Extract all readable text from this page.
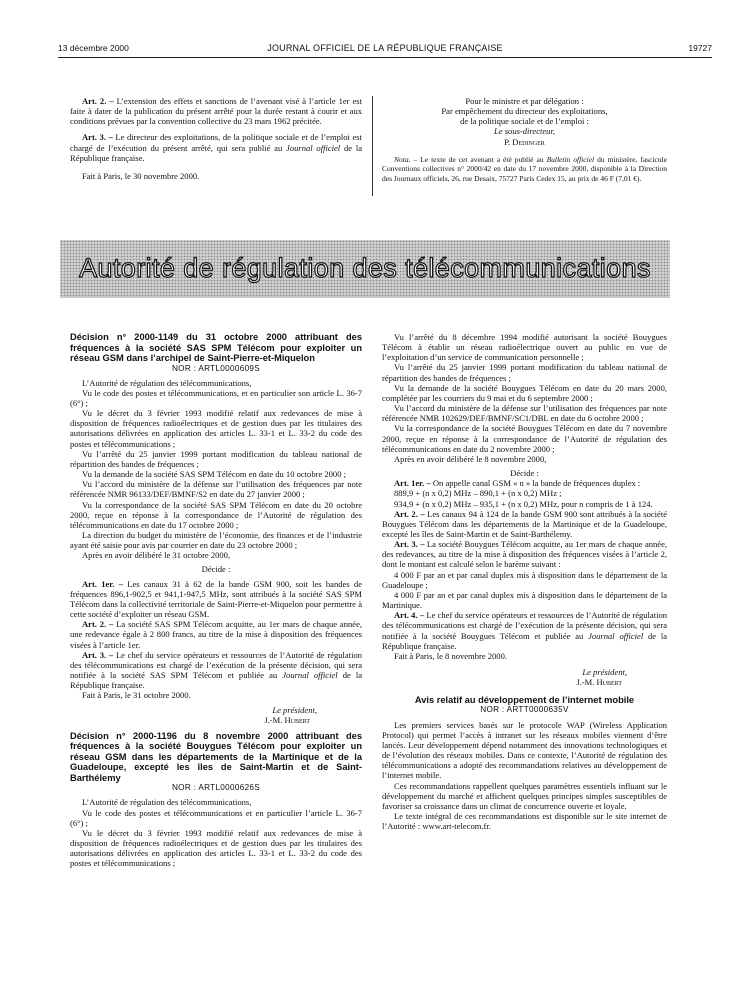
13 décembre 2000	JOURNAL OFFICIEL DE LA RÉPUBLIQUE FRANÇAISE	19727

Art. 2. – L’extension des effets et sanctions de l’avenant visé à l’article 1er est faite à dater de la publication du présent arrêté pour la durée restant à courir et aux conditions prévues par la convention collective du 23 mars 1962 précitée.

Art. 3. – Le directeur des exploitations, de la politique sociale et de l’emploi est chargé de l’exécution du présent arrêté, qui sera publié au Journal officiel de la République française.

Fait à Paris, le 30 novembre 2000.

Pour le ministre et par délégation :

Par empêchement du directeur des exploitations,

de la politique sociale et de l’emploi :

Le sous-directeur,

P. Dedinger

Nota. – Le texte de cet avenant a été publié au Bulletin officiel du ministère, fascicule Conventions collectives n° 2000/42 en date du 17 novembre 2000, disponible à la Direction des Journaux officiels, 26, rue Desaix, 75727 Paris Cedex 15, au prix de 46 F (7,01 €).

Autorité de régulation des télécommunications

Décision n° 2000-1149 du 31 octobre 2000 attribuant des fréquences à la société SAS SPM Télécom pour exploiter un réseau GSM dans l’archipel de Saint-Pierre-et-Miquelon

NOR : ARTL0000609S

L’Autorité de régulation des télécommunications,

Vu le code des postes et télécommunications, et en particulier son article L. 36-7 (6°) ;

Vu le décret du 3 février 1993 modifié relatif aux redevances de mise à disposition de fréquences radioélectriques et de gestion dues par les titulaires des autorisations délivrées en application des articles L. 33-1 et L. 33-2 du code des postes et télécommunications ;

Vu l’arrêté du 25 janvier 1999 portant modification du tableau national de répartition des bandes de fréquences ;

Vu la demande de la société SAS SPM Télécom en date du 10 octobre 2000 ;

Vu l’accord du ministère de la défense sur l’utilisation des fréquences par note référencée NMR 96133/DEF/BMNF/S2 en date du 27 janvier 2000 ;

Vu la correspondance de la société SAS SPM Télécom en date du 20 octobre 2000, reçue en réponse à la correspondance de l’Autorité de régulation des télécommunications en date du 17 octobre 2000 ;

La direction du budget du ministère de l’économie, des finances et de l’industrie ayant été saisie pour avis par courrier en date du 23 octobre 2000 ;

Après en avoir délibéré le 31 octobre 2000,

Décide :

Art. 1er. – Les canaux 31 à 62 de la bande GSM 900, soit les bandes de fréquences 896,1-902,5 et 941,1-947,5 MHz, sont attribués à la société SAS SPM Télécom dans la collectivité territoriale de Saint-Pierre-et-Miquelon pour permettre à cette société d’exploiter un réseau GSM.

Art. 2. – La société SAS SPM Télécom acquitte, au 1er mars de chaque année, une redevance égale à 2 800 francs, au titre de la mise à disposition des fréquences visées à l’article 1er.

Art. 3. – Le chef du service opérateurs et ressources de l’Autorité de régulation des télécommunications est chargé de l’exécution de la présente décision, qui sera notifiée à la société SAS SPM Télécom et publiée au Journal officiel de la République française.

Fait à Paris, le 31 octobre 2000.

Le président,

J.-M. Hubert

Décision n° 2000-1196 du 8 novembre 2000 attribuant des fréquences à la société Bouygues Télécom pour exploiter un réseau GSM dans les départements de la Martinique et de la Guadeloupe, excepté les îles de Saint-Martin et de Saint-Barthélemy

NOR : ARTL0000626S

L’Autorité de régulation des télécommunications,

Vu le code des postes et télécommunications et en particulier l’article L. 36-7 (6°) ;

Vu le décret du 3 février 1993 modifié relatif aux redevances de mise à disposition de fréquences radioélectriques et de gestion dues par les titulaires des autorisations délivrées en application des articles L. 33-1 et L. 33-2 du code des postes et télécommunications ;

Vu l’arrêté du 8 décembre 1994 modifié autorisant la société Bouygues Télécom à établir un réseau radioélectrique ouvert au public en vue de l’exploitation d’un service de communication personnelle ;

Vu l’arrêté du 25 janvier 1999 portant modification du tableau national de répartition des bandes de fréquences ;

Vu la demande de la société Bouygues Télécom en date du 20 mars 2000, complétée par les courriers du 9 mai et du 6 septembre 2000 ;

Vu l’accord du ministère de la défense sur l’utilisation des fréquences par note référencée NMR 102629/DEF/BMNF/SC1/DBL en date du 6 octobre 2000 ;

Vu la correspondance de la société Bouygues Télécom en date du 7 novembre 2000, reçue en réponse à la correspondance de l’Autorité de régulation des télécommunications en date du 2 novembre 2000 ;

Après en avoir délibéré le 8 novembre 2000,

Décide :

Art. 1er. – On appelle canal GSM « n » la bande de fréquences duplex :

889,9 + (n x 0,2) MHz – 890,1 + (n x 0,2) MHz ;

934,9 + (n x 0,2) MHz – 935,1 + (n x 0,2) MHz, pour n compris de 1 à 124.

Art. 2. – Les canaux 94 à 124 de la bande GSM 900 sont attribués à la société Bouygues Télécom dans les départements de la Martinique et de la Guadeloupe, excepté les îles de Saint-Martin et de Saint-Barthélemy.

Art. 3. – La société Bouygues Télécom acquitte, au 1er mars de chaque année, des redevances, au titre de la mise à disposition des fréquences visées à l’article 2, dont le montant est calculé selon le barème suivant :

4 000 F par an et par canal duplex mis à disposition dans le département de la Guadeloupe ;

4 000 F par an et par canal duplex mis à disposition dans le département de la Martinique.

Art. 4. – Le chef du service opérateurs et ressources de l’Autorité de régulation des télécommunications est chargé de l’exécution de la présente décision, qui sera notifiée à la société Bouygues Télécom et publiée au Journal officiel de la République française.

Fait à Paris, le 8 novembre 2000.

Le président,

J.-M. Hubert

Avis relatif au développement de l’internet mobile

NOR : ARTT0000635V

Les premiers services basés sur le protocole WAP (Wireless Application Protocol) qui permet l’accès à intranet sur les réseaux mobiles viennent d’être lancés. Leur développement dépend notamment des innovations technologiques et de l’évolution des réseaux mobiles. Dans ce contexte, l’Autorité de régulation des télécommunications a adopté des recommandations relatives au développement de l’internet mobile.

Ces recommandations rappellent quelques paramètres essentiels influant sur le développement du marché et affichent quelques principes simples susceptibles de favoriser sa croissance dans un climat de concurrence ouverte et loyale.

Le texte intégral de ces recommandations est disponible sur le site internet de l’Autorité : www.art-telecom.fr.
